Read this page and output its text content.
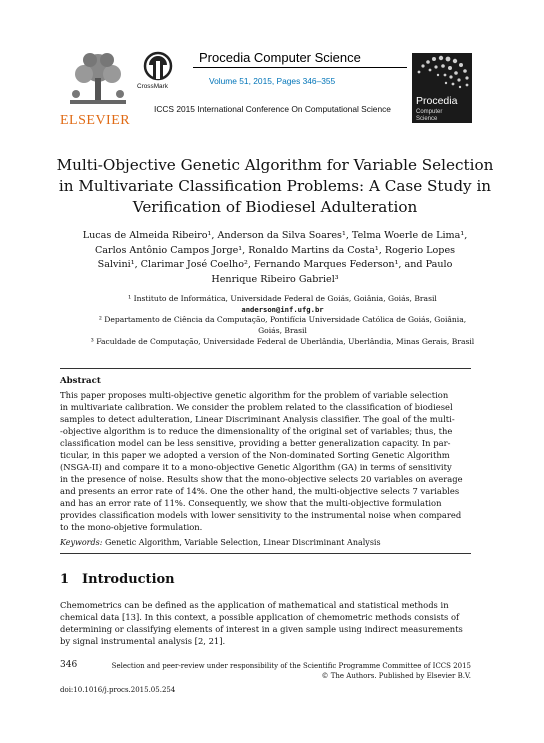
ELSEVIER
CrossMark
Procedia Computer Science
Volume 51, 2015, Pages 346–355
ICCS 2015 International Conference On Computational Science
Procedia
Computer
Science
Multi-Objective Genetic Algorithm for Variable Selection
in Multivariate Classification Problems: A Case Study in
Verification of Biodiesel Adulteration
Lucas de Almeida Ribeiro¹, Anderson da Silva Soares¹, Telma Woerle de Lima¹,
Carlos Antônio Campos Jorge¹, Ronaldo Martins da Costa¹, Rogerio Lopes
Salvini¹, Clarimar José Coelho², Fernando Marques Federson¹, and Paulo
Henrique Ribeiro Gabriel³
¹ Instituto de Informática, Universidade Federal de Goiás, Goiânia, Goiás, Brasil
anderson@inf.ufg.br
² Departamento de Ciência da Computação, Pontifícia Universidade Católica de Goiás, Goiânia,
Goiás, Brasil
³ Faculdade de Computação, Universidade Federal de Uberlândia, Uberlândia, Minas Gerais, Brasil
Abstract
This paper proposes multi-objective genetic algorithm for the problem of variable selection
in multivariate calibration. We consider the problem related to the classification of biodiesel
samples to detect adulteration, Linear Discriminant Analysis classifier. The goal of the multi-
-objective algorithm is to reduce the dimensionality of the original set of variables; thus, the
classification model can be less sensitive, providing a better generalization capacity. In par-
ticular, in this paper we adopted a version of the Non-dominated Sorting Genetic Algorithm
(NSGA-II) and compare it to a mono-objective Genetic Algorithm (GA) in terms of sensitivity
in the presence of noise. Results show that the mono-objective selects 20 variables on average
and presents an error rate of 14%. One the other hand, the multi-objective selects 7 variables
and has an error rate of 11%. Consequently, we show that the multi-objective formulation
provides classification models with lower sensitivity to the instrumental noise when compared
to the mono-objetive formulation.
Keywords: Genetic Algorithm, Variable Selection, Linear Discriminant Analysis
1 Introduction
Chemometrics can be defined as the application of mathematical and statistical methods in
chemical data [13]. In this context, a possible application of chemometric methods consists of
determining or classifying elements of interest in a given sample using indirect measurements
by signal instrumental analysis [2, 21].
346	Selection and peer-review under responsibility of the Scientific Programme Committee of ICCS 2015
© The Authors. Published by Elsevier B.V.
doi:10.1016/j.procs.2015.05.254
